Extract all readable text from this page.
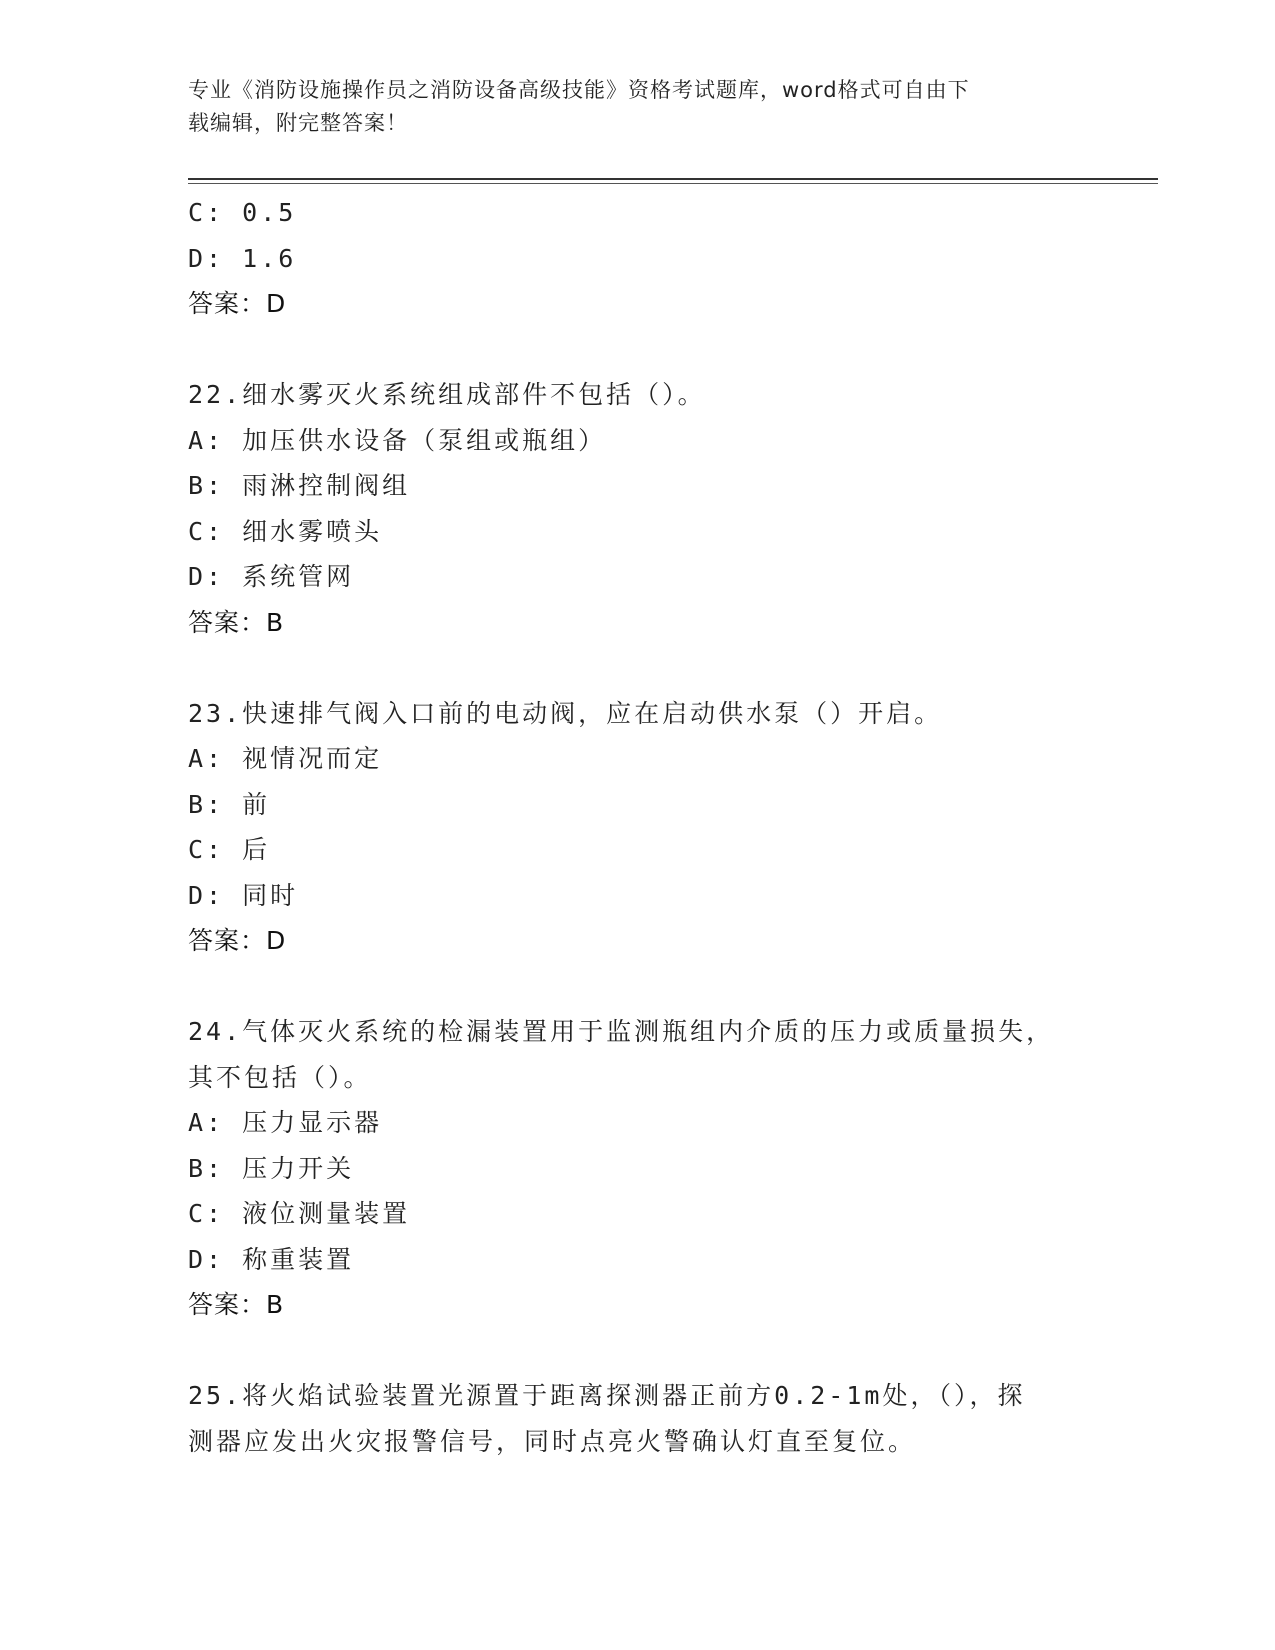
专业《消防设施操作员之消防设备高级技能》资格考试题库，word格式可自由下
载编辑，附完整答案！
C: 0.5
D: 1.6
答案：D
22.细水雾灭火系统组成部件不包括（）。
A: 加压供水设备（泵组或瓶组）
B: 雨淋控制阀组
C: 细水雾喷头
D: 系统管网
答案：B
23.快速排气阀入口前的电动阀，应在启动供水泵（）开启。
A: 视情况而定
B: 前
C: 后
D: 同时
答案：D
24.气体灭火系统的检漏装置用于监测瓶组内介质的压力或质量损失，
其不包括（）。
A: 压力显示器
B: 压力开关
C: 液位测量装置
D: 称重装置
答案：B
25.将火焰试验装置光源置于距离探测器正前方0.2-1m处，（），探
测器应发出火灾报警信号，同时点亮火警确认灯直至复位。
